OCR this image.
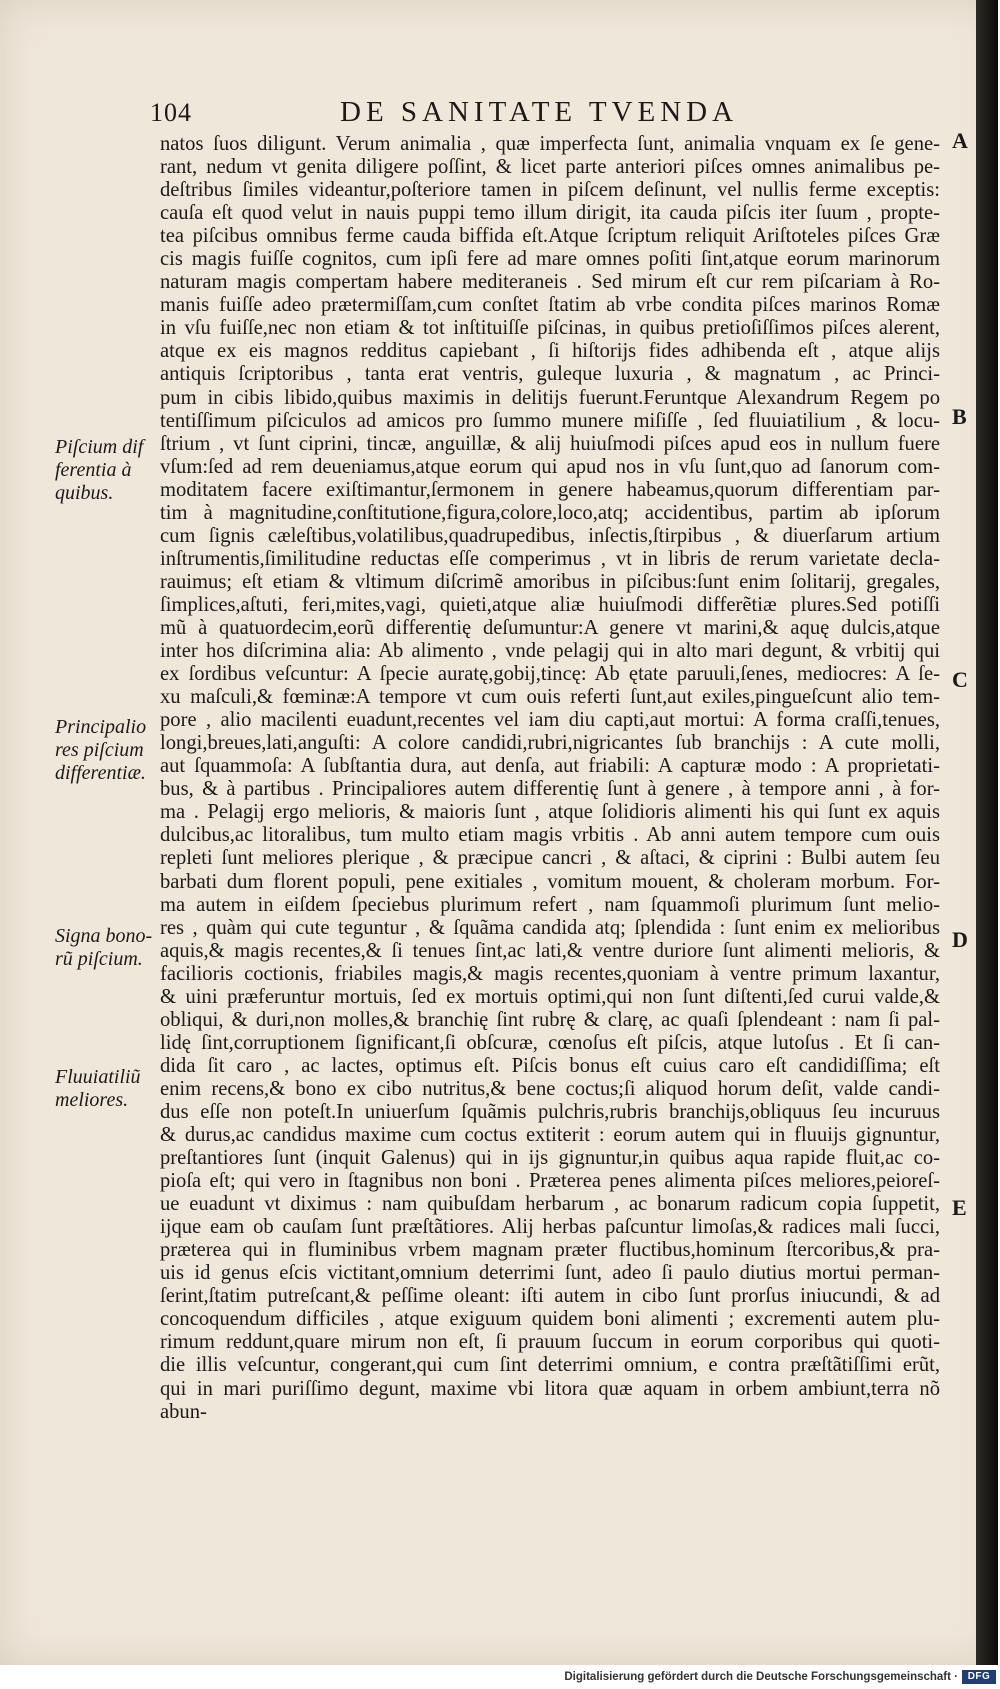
104	DE SANITATE TVENDA
natos ſuos diligunt. Verum animalia , quæ imperfecta ſunt, animalia vnquam ex ſe gene-
rant, nedum vt genita diligere poſſint, & licet parte anteriori piſces omnes animalibus pe-
deſtribus ſimiles videantur,poſteriore tamen in piſcem deſinunt, vel nullis ferme exceptis:
cauſa eſt quod velut in nauis puppi temo illum dirigit, ita cauda piſcis iter ſuum , propte-
tea piſcibus omnibus ferme cauda biffida eſt.Atque ſcriptum reliquit Ariſtoteles piſces Græ
cis magis fuiſſe cognitos, cum ipſi fere ad mare omnes poſiti ſint,atque eorum marinorum
naturam magis compertam habere mediteraneis . Sed mirum eſt cur rem piſcariam à Ro-
manis fuiſſe adeo prætermiſſam,cum conſtet ſtatim ab vrbe condita piſces marinos Romæ
in vſu fuiſſe,nec non etiam & tot inſtituiſſe piſcinas, in quibus pretioſiſſimos piſces alerent,
atque ex eis magnos redditus capiebant , ſi hiſtorijs fides adhibenda eſt , atque alijs
antiquis ſcriptoribus , tanta erat ventris, guleque luxuria , & magnatum , ac Princi-
pum in cibis libido,quibus maximis in delitijs fuerunt.Feruntque Alexandrum Regem po
tentiſſimum piſciculos ad amicos pro ſummo munere miſiſſe , ſed fluuiatilium , & locu-
ſtrium , vt ſunt ciprini, tincæ, anguillæ, & alij huiuſmodi piſces apud eos in nullum fuere
vſum:ſed ad rem deueniamus,atque eorum qui apud nos in vſu ſunt,quo ad ſanorum com-
moditatem facere exiſtimantur,ſermonem in genere habeamus,quorum differentiam par-
tim à magnitudine,conſtitutione,figura,colore,loco,atq; accidentibus, partim ab ipſorum
cum ſignis cæleſtibus,volatilibus,quadrupedibus, inſectis,ſtirpibus , & diuerſarum artium
inſtrumentis,ſimilitudine reductas eſſe comperimus , vt in libris de rerum varietate decla-
rauimus; eſt etiam & vltimum diſcrimẽ amoribus in piſcibus:ſunt enim ſolitarij, gregales,
ſimplices,aſtuti, feri,mites,vagi, quieti,atque aliæ huiuſmodi differẽtiæ plures.Sed potiſſi
mũ à quatuordecim,eorũ differentię deſumuntur:A genere vt marini,& aquę dulcis,atque
inter hos diſcrimina alia: Ab alimento , vnde pelagij qui in alto mari degunt, & vrbitij qui
ex ſordibus veſcuntur: A ſpecie auratę,gobij,tincę: Ab ętate paruuli,ſenes, mediocres: A ſe-
xu maſculi,& fœminæ:A tempore vt cum ouis referti ſunt,aut exiles,pingueſcunt alio tem-
pore , alio macilenti euadunt,recentes vel iam diu capti,aut mortui: A forma craſſi,tenues,
longi,breues,lati,anguſti: A colore candidi,rubri,nigricantes ſub branchijs : A cute molli,
aut ſquammoſa: A ſubſtantia dura, aut denſa, aut friabili: A capturæ modo : A proprietati-
bus, & à partibus . Principaliores autem differentię ſunt à genere , à tempore anni , à for-
ma . Pelagij ergo melioris, & maioris ſunt , atque ſolidioris alimenti his qui ſunt ex aquis
dulcibus,ac litoralibus, tum multo etiam magis vrbitis . Ab anni autem tempore cum ouis
repleti ſunt meliores plerique , & præcipue cancri , & aſtaci, & ciprini : Bulbi autem ſeu
barbati dum florent populi, pene exitiales , vomitum mouent, & choleram morbum. For-
ma autem in eiſdem ſpeciebus plurimum refert , nam ſquammoſi plurimum ſunt melio-
res , quàm qui cute teguntur , & ſquãma candida atq; ſplendida : ſunt enim ex melioribus
aquis,& magis recentes,& ſi tenues ſint,ac lati,& ventre duriore ſunt alimenti melioris, &
facilioris coctionis, friabiles magis,& magis recentes,quoniam à ventre primum laxantur,
& uini præferuntur mortuis, ſed ex mortuis optimi,qui non ſunt diſtenti,ſed curui valde,&
obliqui, & duri,non molles,& branchię ſint rubrę & clarę, ac quaſi ſplendeant : nam ſi pal-
lidę ſint,corruptionem ſignificant,ſi obſcuræ, cœnoſus eſt piſcis, atque lutoſus . Et ſi can-
dida ſit caro , ac lactes, optimus eſt. Piſcis bonus eſt cuius caro eſt candidiſſima; eſt
enim recens,& bono ex cibo nutritus,& bene coctus;ſi aliquod horum deſit, valde candi-
dus eſſe non poteſt.In uniuerſum ſquãmis pulchris,rubris branchijs,obliquus ſeu incuruus
& durus,ac candidus maxime cum coctus extiterit : eorum autem qui in fluuijs gignuntur,
preſtantiores ſunt (inquit Galenus) qui in ijs gignuntur,in quibus aqua rapide fluit,ac co-
pioſa eſt; qui vero in ſtagnibus non boni . Præterea penes alimenta piſces meliores,peioreſ-
ue euadunt vt diximus : nam quibuſdam herbarum , ac bonarum radicum copia ſuppetit,
ijque eam ob cauſam ſunt præſtãtiores. Alij herbas paſcuntur limoſas,& radices mali ſucci,
præterea qui in fluminibus vrbem magnam præter fluctibus,hominum ſtercoribus,& pra-
uis id genus eſcis victitant,omnium deterrimi ſunt, adeo ſi paulo diutius mortui perman-
ſerint,ſtatim putreſcant,& peſſime oleant: iſti autem in cibo ſunt prorſus iniucundi, & ad
concoquendum difficiles , atque exiguum quidem boni alimenti ; excrementi autem plu-
rimum reddunt,quare mirum non eſt, ſi prauum ſuccum in eorum corporibus qui quoti-
die illis veſcuntur, congerant,qui cum ſint deterrimi omnium, e contra præſtãtiſſimi erũt,
qui in mari puriſſimo degunt, maxime vbi litora quæ aquam in orbem ambiunt,terra nõ
abun-
Piſcium dif
ferentia à
quibus.
Principalio
res piſcium
differentiæ.
Signa bono-
rũ piſcium.
Fluuiatiliũ
meliores.
A
B
C
D
E
Digitalisierung gefördert durch die Deutsche Forschungsgemeinschaft · DFG
